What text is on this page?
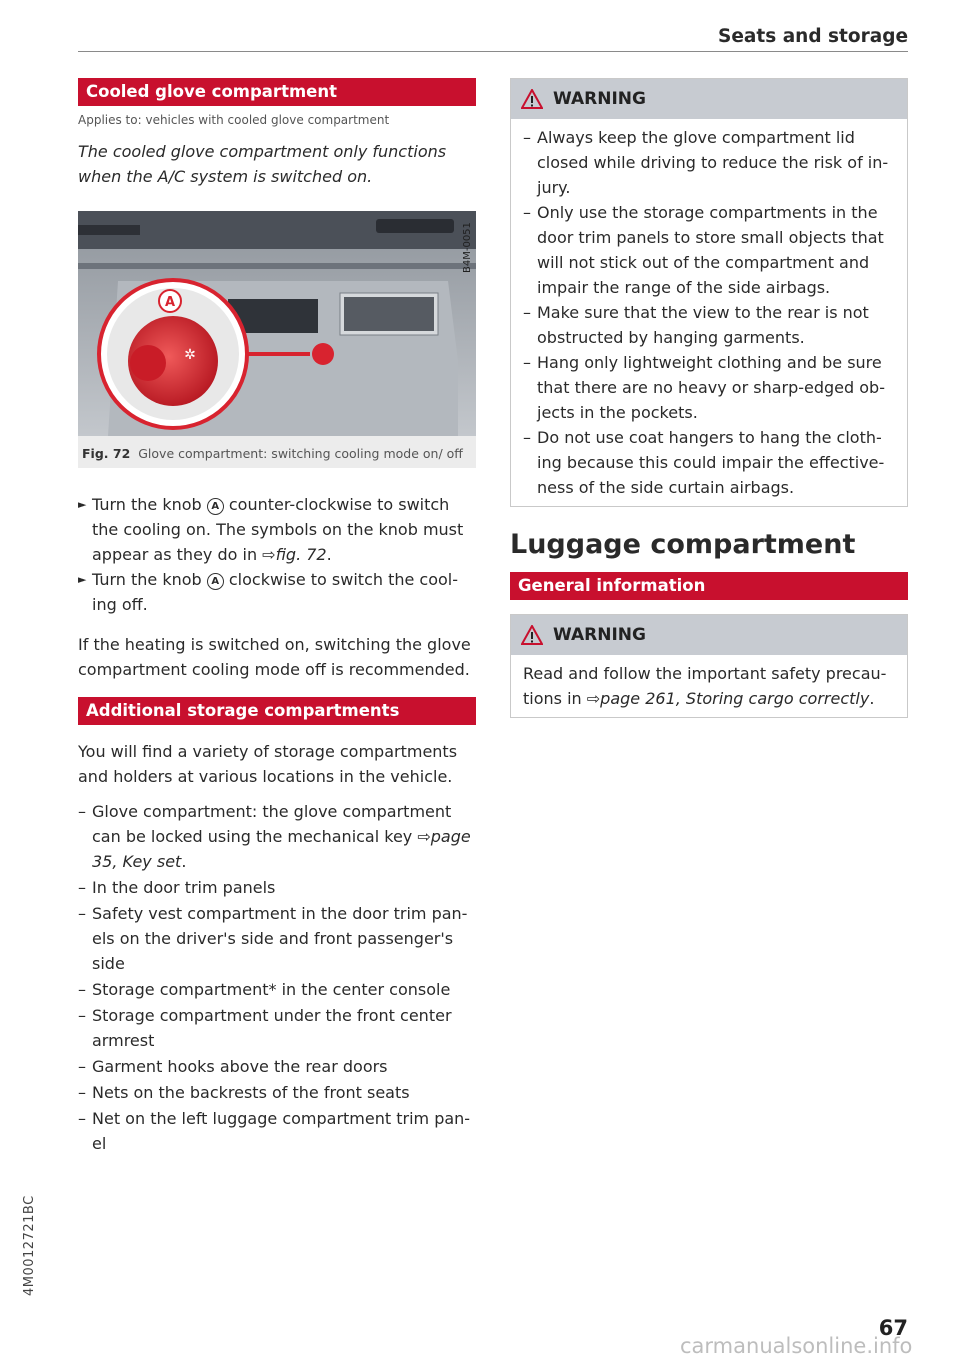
Seats and storage
Cooled glove compartment
Applies to: vehicles with cooled glove compartment

The cooled glove compartment only functions when the A/C system is switched on.

A
✲
B4M-0051
Fig. 72 Glove compartment: switching cooling mode on/ off
► Turn the knob A counter-clockwise to switch the cooling on. The symbols on the knob must appear as they do in ⇨fig. 72.
► Turn the knob A clockwise to switch the cool-ing off.

If the heating is switched on, switching the glove compartment cooling mode off is recommended.

Additional storage compartments

You will find a variety of storage compartments and holders at various locations in the vehicle.

– Glove compartment: the glove compartment can be locked using the mechanical key ⇨page 35, Key set.
– In the door trim panels
– Safety vest compartment in the door trim pan-els on the driver's side and front passenger's side
– Storage compartment* in the center console
– Storage compartment under the front center armrest
– Garment hooks above the rear doors
– Nets on the backrests of the front seats
– Net on the left luggage compartment trim pan-el
WARNING
– Always keep the glove compartment lid closed while driving to reduce the risk of in-jury.
– Only use the storage compartments in the door trim panels to store small objects that will not stick out of the compartment and impair the range of the side airbags.
– Make sure that the view to the rear is not obstructed by hanging garments.
– Hang only lightweight clothing and be sure that there are no heavy or sharp-edged ob-jects in the pockets.
– Do not use coat hangers to hang the cloth-ing because this could impair the effective-ness of the side curtain airbags.
Luggage compartment
General information
WARNING

Read and follow the important safety precau-tions in ⇨page 261, Storing cargo correctly.

4M0012721BC
67
carmanualsonline.info
